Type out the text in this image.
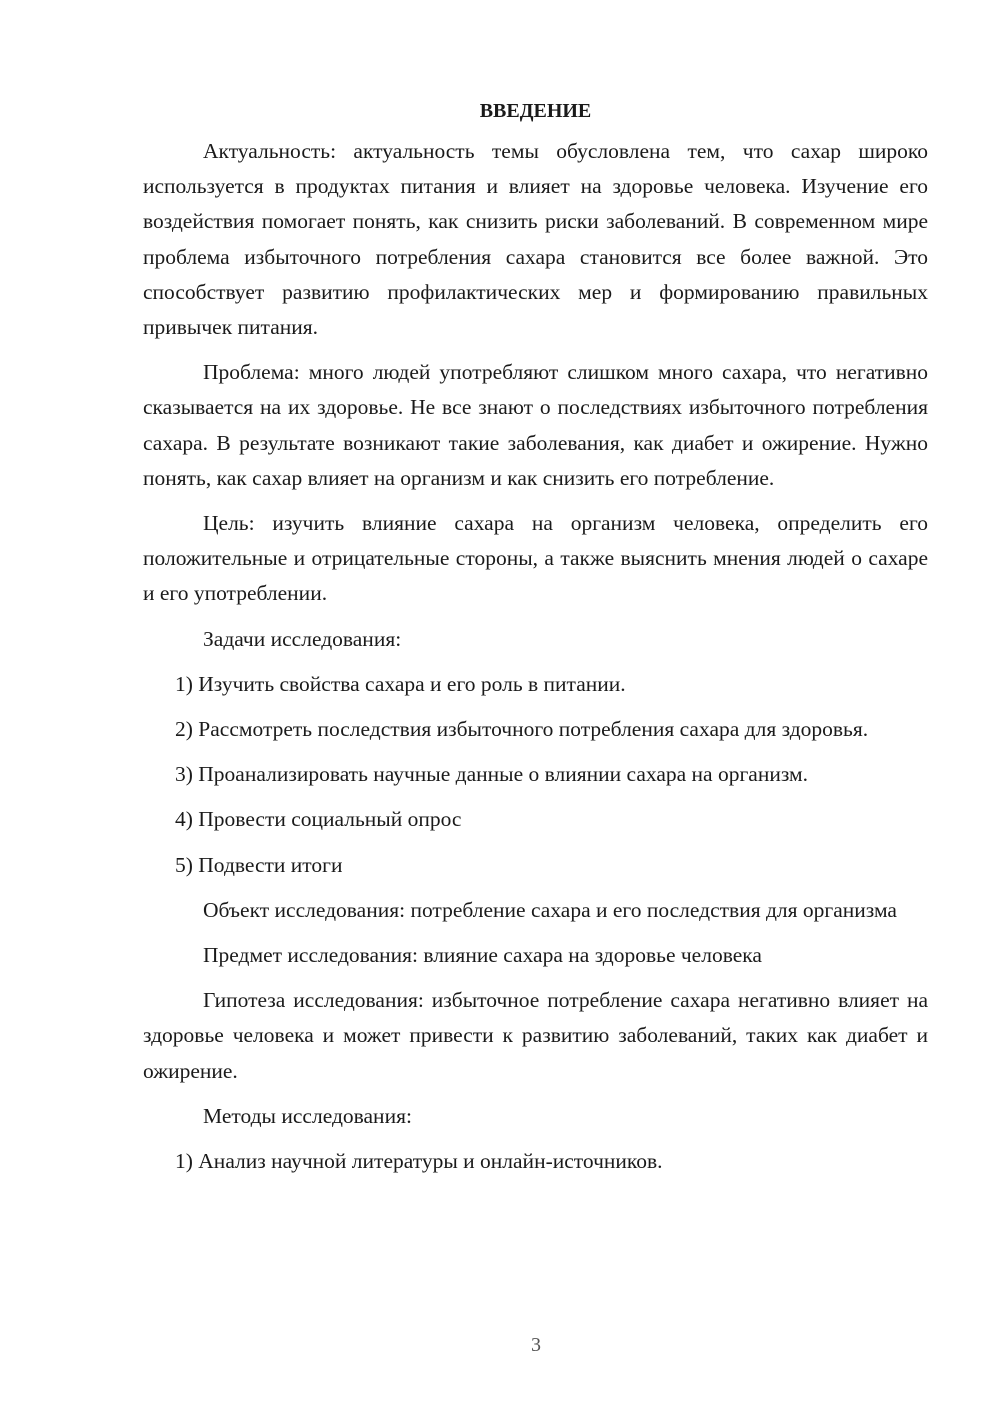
ВВЕДЕНИЕ

Актуальность: актуальность темы обусловлена тем, что сахар широко используется в продуктах питания и влияет на здоровье человека. Изучение его воздействия помогает понять, как снизить риски заболеваний. В современном мире проблема избыточного потребления сахара становится все более важной. Это способствует развитию профилактических мер и формированию правильных привычек питания.

Проблема: много людей употребляют слишком много сахара, что негативно сказывается на их здоровье. Не все знают о последствиях избыточного потребления сахара. В результате возникают такие заболевания, как диабет и ожирение. Нужно понять, как сахар влияет на организм и как снизить его потребление.

Цель: изучить влияние сахара на организм человека, определить его положительные и отрицательные стороны, а также выяснить мнения людей о сахаре и его употреблении.

Задачи исследования:

1) Изучить свойства сахара и его роль в питании.

2) Рассмотреть последствия избыточного потребления сахара для здоровья.

3) Проанализировать научные данные о влиянии сахара на организм.

4) Провести социальный опрос

5) Подвести итоги

Объект исследования: потребление сахара и его последствия для организма

Предмет исследования: влияние сахара на здоровье человека

Гипотеза исследования: избыточное потребление сахара негативно влияет на здоровье человека и может привести к развитию заболеваний, таких как диабет и ожирение.

Методы исследования:

1) Анализ научной литературы и онлайн-источников.

3
